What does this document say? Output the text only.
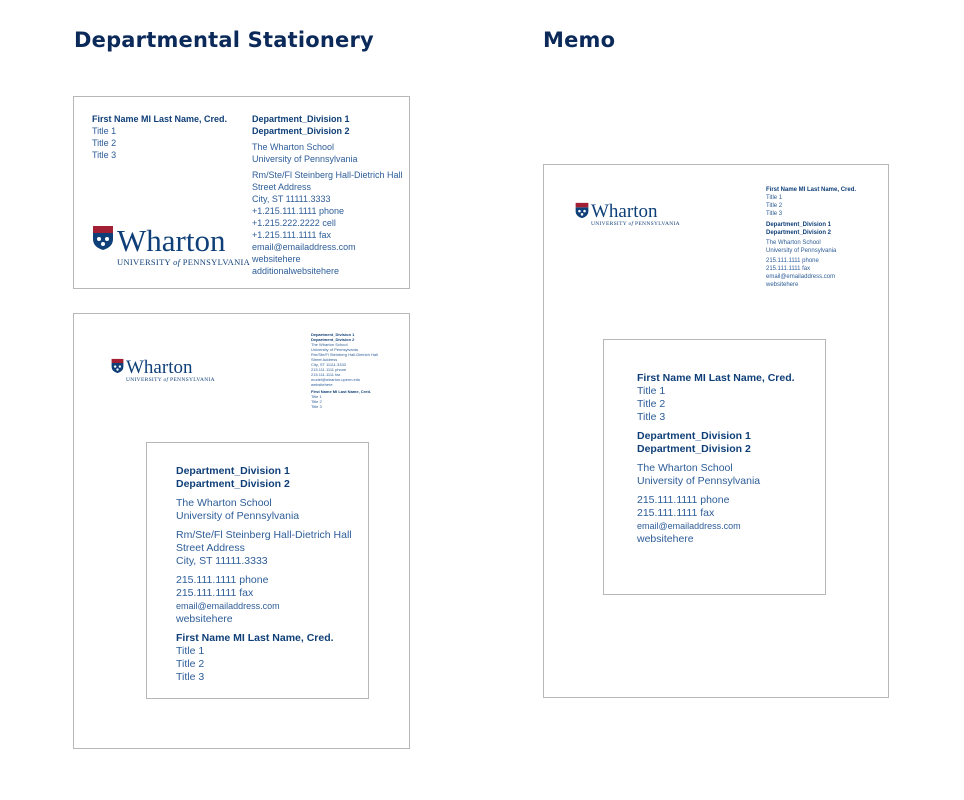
Departmental Stationery	Memo
First Name MI Last Name, Cred.
Title 1
Title 2
Title 3
Department_Division 1
Department_Division 2
The Wharton School
University of Pennsylvania
Rm/Ste/Fl Steinberg Hall-Dietrich Hall
Street Address
City, ST 11111.3333
+1.215.111.1111 phone
+1.215.222.2222 cell
+1.215.111.1111 fax
email@emailaddress.com
websitehere
additionalwebsitehere
Wharton
UNIVERSITY of PENNSYLVANIA
Wharton
UNIVERSITY of PENNSYLVANIA
Department_Division 1
Department_Division 2
The Wharton School
University of Pennsylvania
Rm/Ste/Fl Steinberg Hall-Dietrich Hall
Street Address
City, ST 11111.3333
215.111.1111 phone
215.111.1111 fax
model@wharton.upenn.edu
websitehere
First Name MI Last Name, Cred.
Title 1
Title 2
Title 3
Department_Division 1
Department_Division 2
The Wharton School
University of Pennsylvania
Rm/Ste/Fl Steinberg Hall-Dietrich Hall
Street Address
City, ST 11111.3333
215.111.1111 phone
215.111.1111 fax
email@emailaddress.com
websitehere
First Name MI Last Name, Cred.
Title 1
Title 2
Title 3
Wharton
UNIVERSITY of PENNSYLVANIA
First Name MI Last Name, Cred.
Title 1
Title 2
Title 3
Department_Division 1
Department_Division 2
The Wharton School
University of Pennsylvania
215.111.1111 phone
215.111.1111 fax
email@emailaddress.com
websitehere
First Name MI Last Name, Cred.
Title 1
Title 2
Title 3
Department_Division 1
Department_Division 2
The Wharton School
University of Pennsylvania
215.111.1111 phone
215.111.1111 fax
email@emailaddress.com
websitehere
